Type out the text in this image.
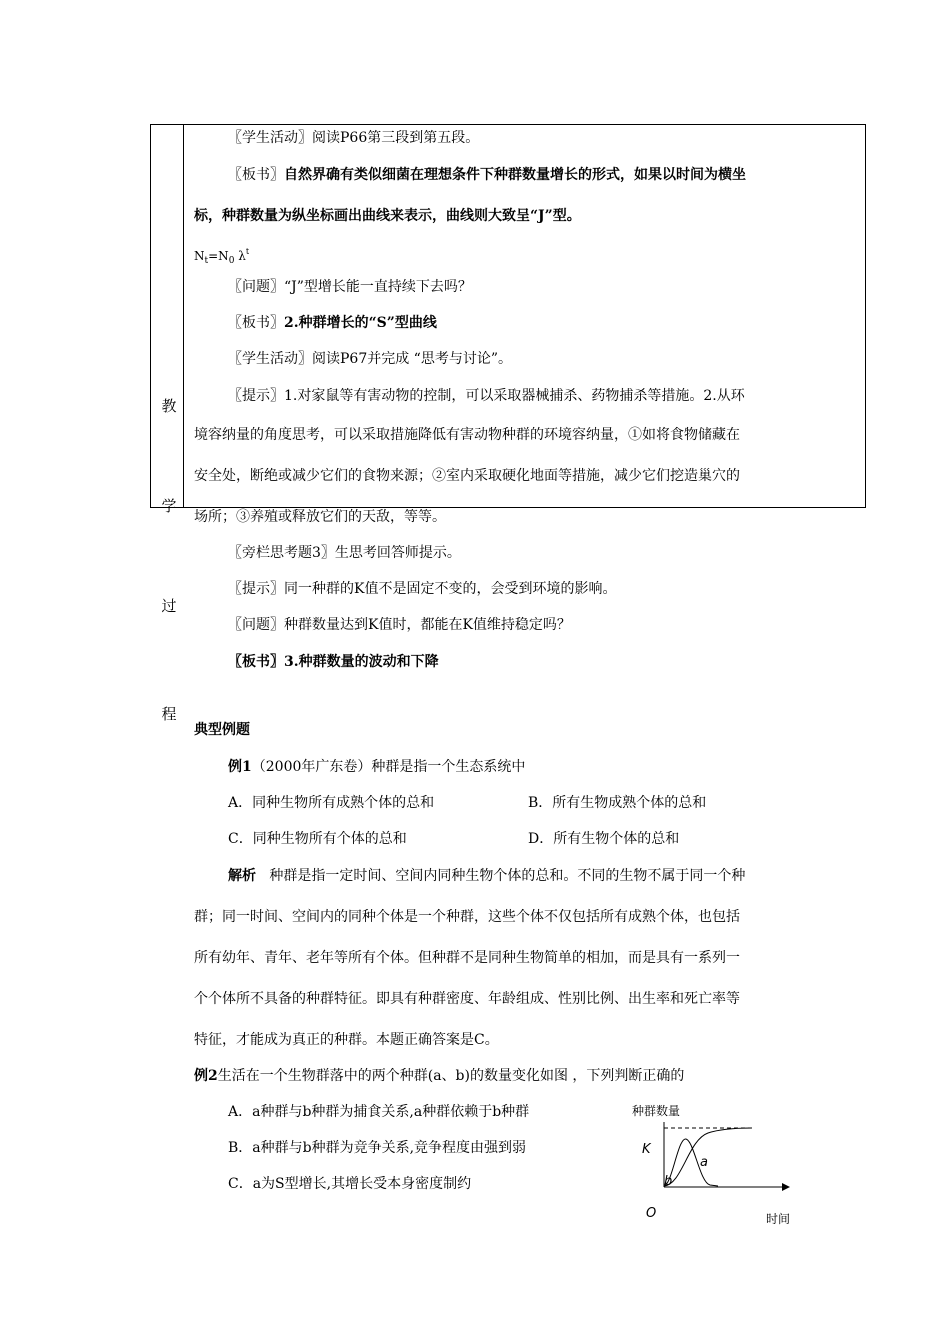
教
学
过
程
〖学生活动〗阅读P66第三段到第五段。
〖板书〗自然界确有类似细菌在理想条件下种群数量增长的形式，如果以时间为横坐
标，种群数量为纵坐标画出曲线来表示，曲线则大致呈“J”型。
$N_t=N_0$ $\lambda^t$
〖问题〗“J”型增长能一直持续下去吗？
〖板书〗2.种群增长的“S”型曲线
〖学生活动〗阅读P67并完成 “思考与讨论”。
〖提示〗1.对家鼠等有害动物的控制，可以采取器械捕杀、药物捕杀等措施。2.从环
境容纳量的角度思考，可以采取措施降低有害动物种群的环境容纳量，①如将食物储藏在
安全处，断绝或减少它们的食物来源；②室内采取硬化地面等措施，减少它们挖造巢穴的
场所；③养殖或释放它们的天敌，等等。
〖旁栏思考题3〗生思考回答师提示。
〖提示〗同一种群的K值不是固定不变的，会受到环境的影响。
〖问题〗种群数量达到K值时，都能在K值维持稳定吗？
〖板书〗3.种群数量的波动和下降
典型例题
例1（2000年广东卷）种群是指一个生态系统中
A．同种生物所有成熟个体的总和	B．所有生物成熟个体的总和
C．同种生物所有个体的总和	D．所有生物个体的总和
解析 种群是指一定时间、空间内同种生物个体的总和。不同的生物不属于同一个种
群；同一时间、空间内的同种个体是一个种群，这些个体不仅包括所有成熟个体，也包括
所有幼年、青年、老年等所有个体。但种群不是同种生物简单的相加，而是具有一系列一
个个体所不具备的种群特征。即具有种群密度、年龄组成、性别比例、出生率和死亡率等
特征，才能成为真正的种群。本题正确答案是C。
例2生活在一个生物群落中的两个种群(a、b)的数量变化如图 ，下列判断正确的
A．a种群与b种群为捕食关系,a种群依赖于b种群
B．a种群与b种群为竞争关系,竞争程度由强到弱
C．a为S型增长,其增长受本身密度制约
种群数量
K
a
b
O	时间
